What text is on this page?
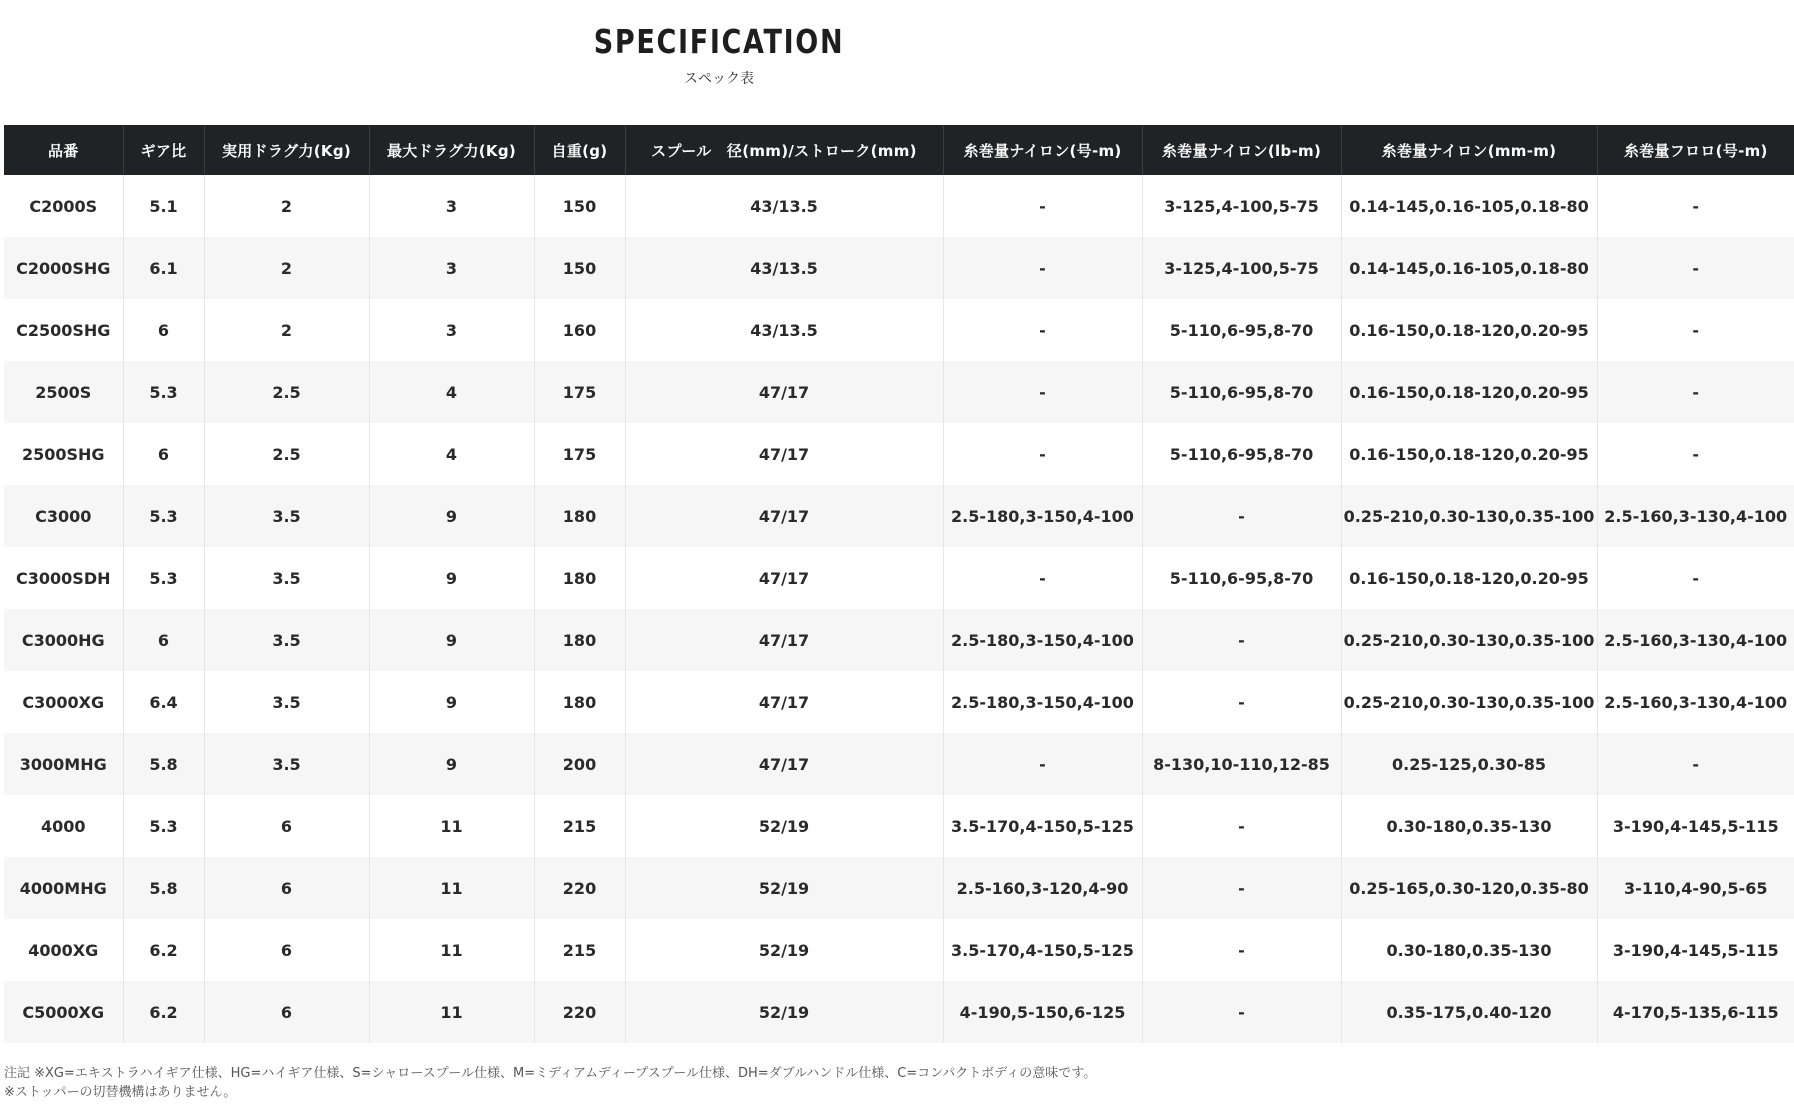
SPECIFICATION
スペック表
品番	ギア比	実用ドラグ力(Kg)	最大ドラグ力(Kg)	自重(g)	スプール　径(mm)/ストローク(mm)	糸巻量ナイロン(号-m)	糸巻量ナイロン(lb-m)	糸巻量ナイロン(mm-m)	糸巻量フロロ(号-m)
C2000S	5.1	2	3	150	43/13.5	-	3-125,4-100,5-75	0.14-145,0.16-105,0.18-80	-
C2000SHG	6.1	2	3	150	43/13.5	-	3-125,4-100,5-75	0.14-145,0.16-105,0.18-80	-
C2500SHG	6	2	3	160	43/13.5	-	5-110,6-95,8-70	0.16-150,0.18-120,0.20-95	-
2500S	5.3	2.5	4	175	47/17	-	5-110,6-95,8-70	0.16-150,0.18-120,0.20-95	-
2500SHG	6	2.5	4	175	47/17	-	5-110,6-95,8-70	0.16-150,0.18-120,0.20-95	-
C3000	5.3	3.5	9	180	47/17	2.5-180,3-150,4-100	-	0.25-210,0.30-130,0.35-100	2.5-160,3-130,4-100
C3000SDH	5.3	3.5	9	180	47/17	-	5-110,6-95,8-70	0.16-150,0.18-120,0.20-95	-
C3000HG	6	3.5	9	180	47/17	2.5-180,3-150,4-100	-	0.25-210,0.30-130,0.35-100	2.5-160,3-130,4-100
C3000XG	6.4	3.5	9	180	47/17	2.5-180,3-150,4-100	-	0.25-210,0.30-130,0.35-100	2.5-160,3-130,4-100
3000MHG	5.8	3.5	9	200	47/17	-	8-130,10-110,12-85	0.25-125,0.30-85	-
4000	5.3	6	11	215	52/19	3.5-170,4-150,5-125	-	0.30-180,0.35-130	3-190,4-145,5-115
4000MHG	5.8	6	11	220	52/19	2.5-160,3-120,4-90	-	0.25-165,0.30-120,0.35-80	3-110,4-90,5-65
4000XG	6.2	6	11	215	52/19	3.5-170,4-150,5-125	-	0.30-180,0.35-130	3-190,4-145,5-115
C5000XG	6.2	6	11	220	52/19	4-190,5-150,6-125	-	0.35-175,0.40-120	4-170,5-135,6-115
注記 ※XG=エキストラハイギア仕様、HG=ハイギア仕様、S=シャロースプール仕様、M=ミディアムディープスプール仕様、DH=ダブルハンドル仕様、C=コンパクトボディの意味です。
※ストッパーの切替機構はありません。
